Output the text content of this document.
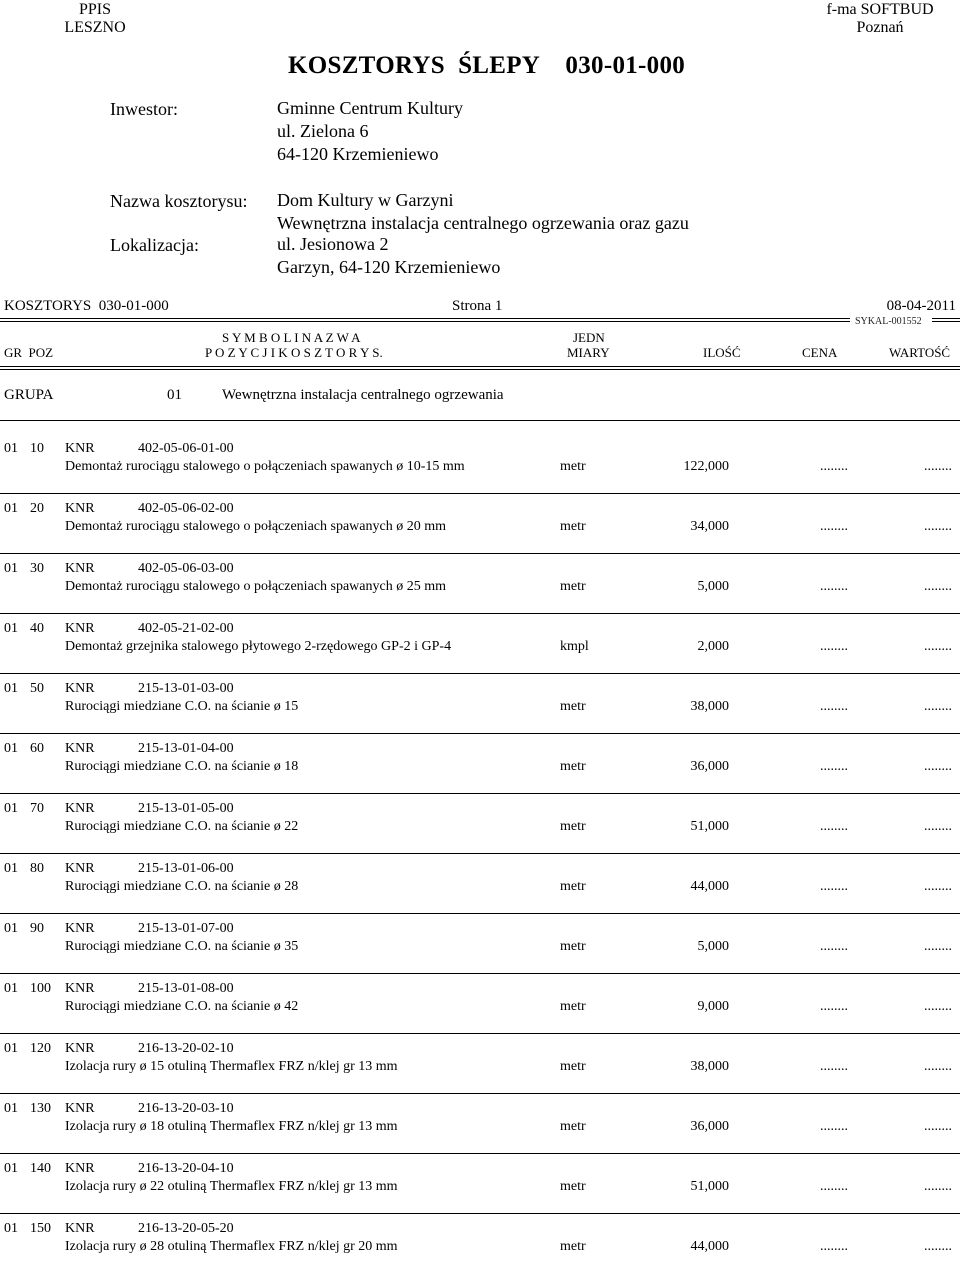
PPIS
LESZNO
f-ma SOFTBUD
Poznań
KOSZTORYS  ŚLEPY    030-01-000
Inwestor:	Gminne Centrum Kultury
ul. Zielona 6
64-120 Krzemieniewo
Nazwa kosztorysu: Dom Kultury w Garzyni
Wewnętrzna instalacja centralnego ogrzewania oraz gazu
Lokalizacja:	ul. Jesionowa 2
Garzyn, 64-120 Krzemieniewo
KOSZTORYS  030-01-000	Strona 1	08-04-2011
SYKAL-001552
GR  POZ
S Y M B O L I N A Z W A
P O Z Y C J I K O S Z T O R Y S.
JEDN
MIARY	ILOŚĆ	CENA	WARTOŚĆ
GRUPA	01	Wewnętrzna instalacja centralnego ogrzewania
01 10 KNR	402-05-06-01-00
Demontaż rurociągu stalowego o połączeniach spawanych ø 10-15 mm	metr	122,000	........	........
01 20 KNR	402-05-06-02-00
Demontaż rurociągu stalowego o połączeniach spawanych ø 20 mm	metr	34,000	........	........
01 30 KNR	402-05-06-03-00
Demontaż rurociągu stalowego o połączeniach spawanych ø 25 mm	metr	5,000	........	........
01 40 KNR	402-05-21-02-00
Demontaż grzejnika stalowego płytowego 2-rzędowego GP-2 i GP-4	kmpl	2,000	........	........
01 50 KNR	215-13-01-03-00
Rurociągi miedziane C.O. na ścianie ø 15	metr	38,000	........	........
01 60 KNR	215-13-01-04-00
Rurociągi miedziane C.O. na ścianie ø 18	metr	36,000	........	........
01 70 KNR	215-13-01-05-00
Rurociągi miedziane C.O. na ścianie ø 22	metr	51,000	........	........
01 80 KNR	215-13-01-06-00
Rurociągi miedziane C.O. na ścianie ø 28	metr	44,000	........	........
01 90 KNR	215-13-01-07-00
Rurociągi miedziane C.O. na ścianie ø 35	metr	5,000	........	........
01 100 KNR	215-13-01-08-00
Rurociągi miedziane C.O. na ścianie ø 42	metr	9,000	........	........
01 120 KNR	216-13-20-02-10
Izolacja rury ø 15 otuliną Thermaflex FRZ n/klej gr 13 mm	metr	38,000	........	........
01 130 KNR	216-13-20-03-10
Izolacja rury ø 18 otuliną Thermaflex FRZ n/klej gr 13 mm	metr	36,000	........	........
01 140 KNR	216-13-20-04-10
Izolacja rury ø 22 otuliną Thermaflex FRZ n/klej gr 13 mm	metr	51,000	........	........
01 150 KNR	216-13-20-05-20
Izolacja rury ø 28 otuliną Thermaflex FRZ n/klej gr 20 mm	metr	44,000	........	........
